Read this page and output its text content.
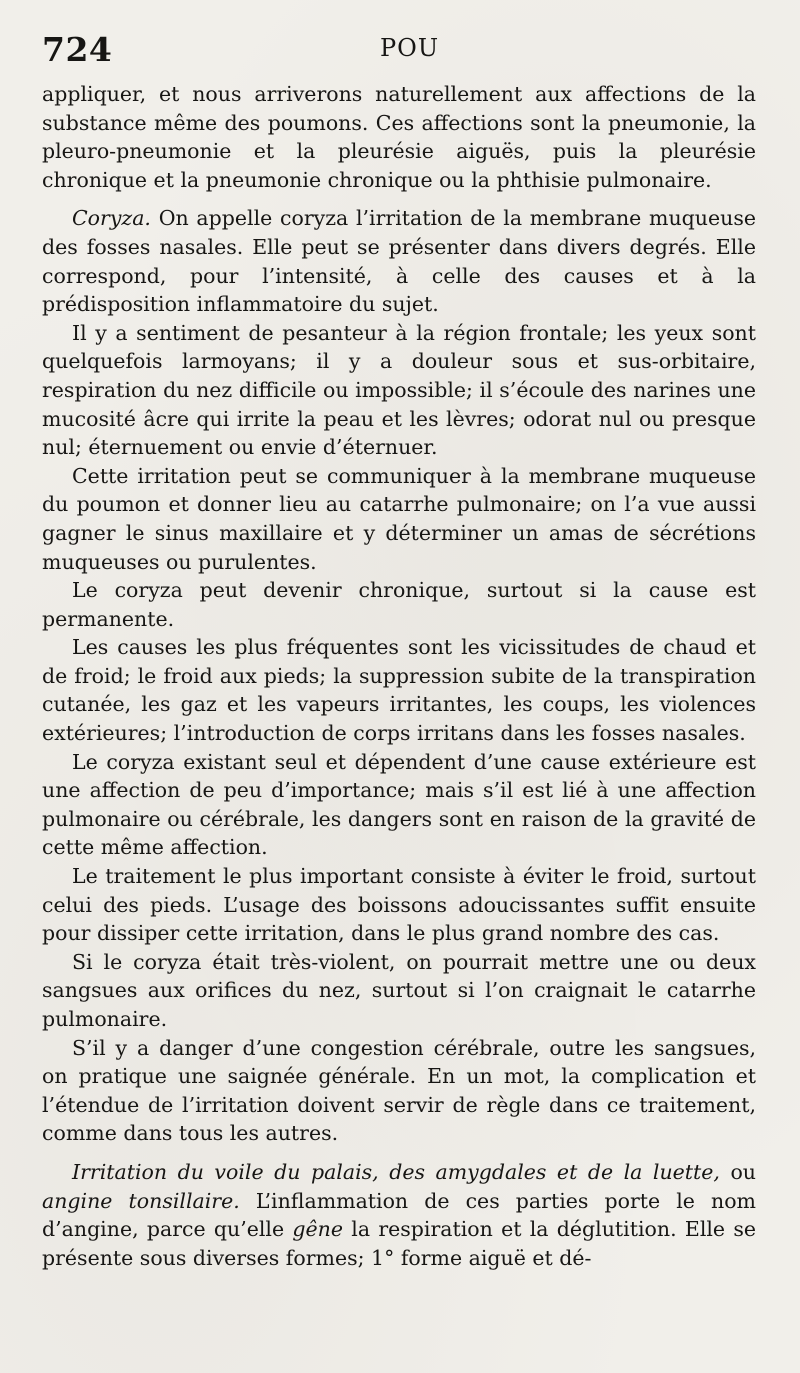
724	POU

appliquer, et nous arriverons naturellement aux affections de la substance même des poumons. Ces affections sont la pneumonie, la pleuro-pneumonie et la pleurésie aiguës, puis la pleurésie chronique et la pneumonie chronique ou la phthisie pulmonaire.

Coryza. On appelle coryza l’irritation de la membrane muqueuse des fosses nasales. Elle peut se présenter dans divers degrés. Elle correspond, pour l’intensité, à celle des causes et à la prédisposition inflammatoire du sujet.

Il y a sentiment de pesanteur à la région frontale; les yeux sont quelquefois larmoyans; il y a douleur sous et sus-orbitaire, respiration du nez difficile ou impossible; il s’écoule des narines une mucosité âcre qui irrite la peau et les lèvres; odorat nul ou presque nul; éternuement ou envie d’éternuer.

Cette irritation peut se communiquer à la membrane muqueuse du poumon et donner lieu au catarrhe pulmonaire; on l’a vue aussi gagner le sinus maxillaire et y déterminer un amas de sécrétions muqueuses ou purulentes.

Le coryza peut devenir chronique, surtout si la cause est permanente.

Les causes les plus fréquentes sont les vicissitudes de chaud et de froid; le froid aux pieds; la suppression subite de la transpiration cutanée, les gaz et les vapeurs irritantes, les coups, les violences extérieures; l’introduction de corps irritans dans les fosses nasales.

Le coryza existant seul et dépendent d’une cause extérieure est une affection de peu d’importance; mais s’il est lié à une affection pulmonaire ou cérébrale, les dangers sont en raison de la gravité de cette même affection.

Le traitement le plus important consiste à éviter le froid, surtout celui des pieds. L’usage des boissons adoucissantes suffit ensuite pour dissiper cette irritation, dans le plus grand nombre des cas.

Si le coryza était très-violent, on pourrait mettre une ou deux sangsues aux orifices du nez, surtout si l’on craignait le catarrhe pulmonaire.

S’il y a danger d’une congestion cérébrale, outre les sangsues, on pratique une saignée générale. En un mot, la complication et l’étendue de l’irritation doivent servir de règle dans ce traitement, comme dans tous les autres.

Irritation du voile du palais, des amygdales et de la luette, ou angine tonsillaire. L’inflammation de ces parties porte le nom d’angine, parce qu’elle gêne la respiration et la déglutition. Elle se présente sous diverses formes; 1° forme aiguë et dé-
